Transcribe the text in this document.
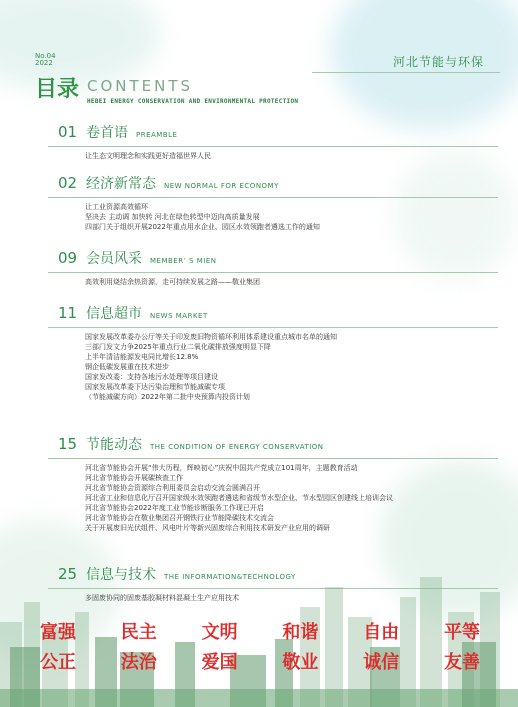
No.04
2022	河北节能与环保
目录 CONTENTS
HEBEI ENERGY CONSERVATION AND ENVIRONMENTAL PROTECTION
01 卷首语 PREAMBLE
让生态文明理念和实践更好造福世界人民
02 经济新常态 NEW NORMAL FOR ECONOMY
让工业资源高效循环
坚决去 主动调 加快转 河北在绿色转型中迈向高质量发展
四部门关于组织开展2022年重点用水企业、园区水效领跑者遴选工作的通知
09 会员风采 MEMBER’ S MIEN
高效利用烧结余热资源，走可持续发展之路——敬业集团
11 信息超市 NEWS MARKET
国家发展改革委办公厅等关于印发废旧物资循环利用体系建设重点城市名单的通知
三部门发文力争2025年重点行业二氧化碳排放强度明显下降
上半年清洁能源发电同比增长12.8%
钢企低碳发展重在技术进步
国家发改委：支持各地污水处理等项目建设
国家发展改革委下达污染治理和节能减碳专项
（节能减碳方向）2022年第二批中央预算内投资计划
15 节能动态 THE CONDITION OF ENERGY CONSERVATION
河北省节能协会开展“伟大历程，辉映初心”庆祝中国共产党成立101周年，主题教育活动
河北省节能协会开展碳核查工作
河北省节能协会资源综合利用委员会启动交流会圆满召开
河北省工业和信息化厅召开国家级水效领跑者遴选和省级节水型企业、节水型园区创建线上培训会议
河北省节能协会2022年度工业节能诊断服务工作现已开启
河北省节能协会在敬业集团召开钢铁行业节能降碳技术交流会
关于开展废旧光伏组件、风电叶片等新兴固废综合利用技术研发产业应用的调研
25 信息与技术 THE INFORMATION&TECHNOLOGY
多固废协同的固废基胶凝材料混凝土生产应用技术
富强 民主 文明 和谐 自由 平等
公正 法治 爱国 敬业 诚信 友善
